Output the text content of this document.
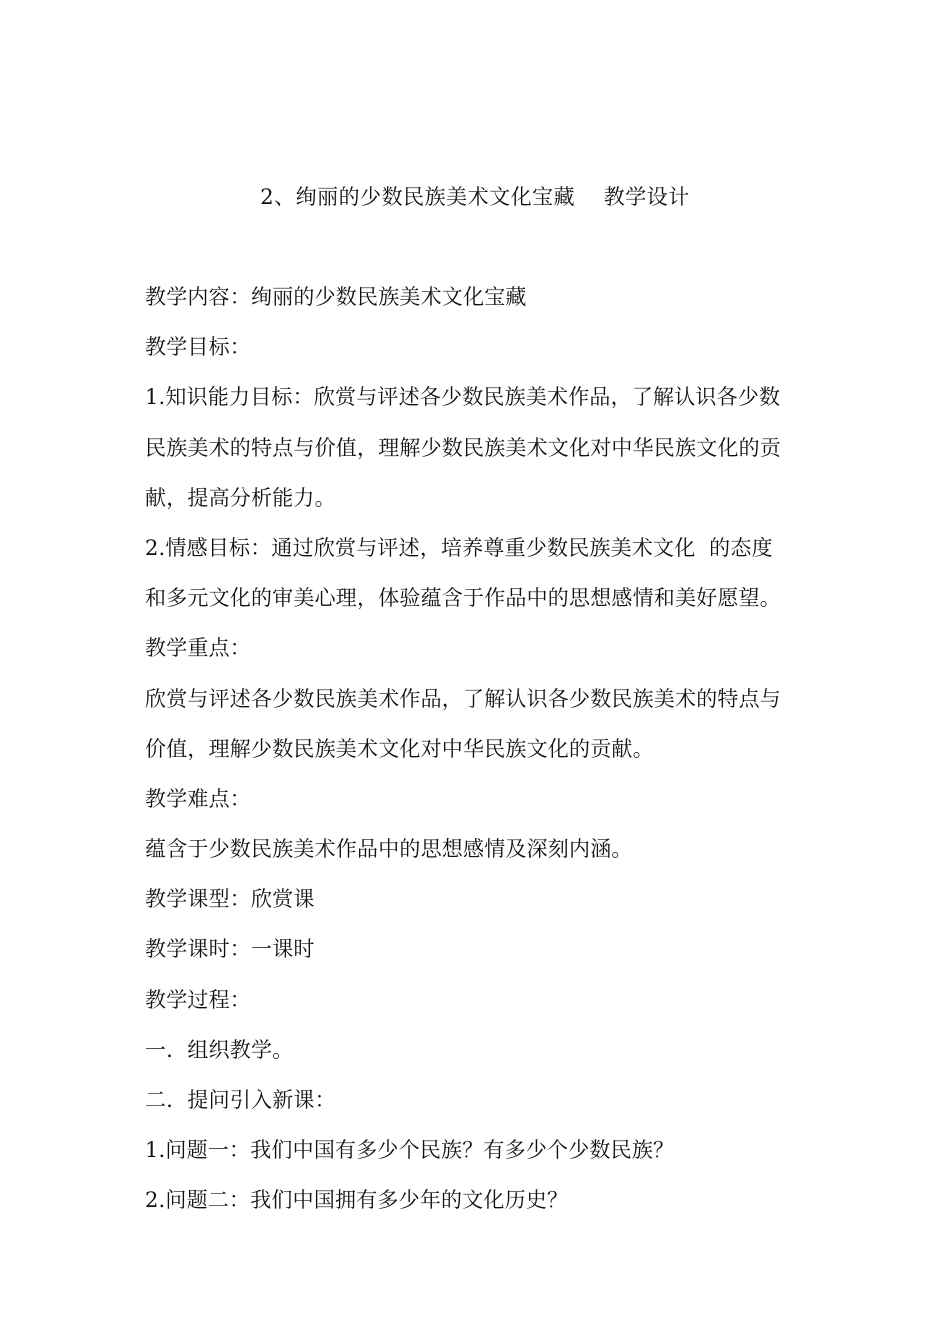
2、绚丽的少数民族美术文化宝藏    教学设计
教学内容：绚丽的少数民族美术文化宝藏
教学目标：
1.知识能力目标：欣赏与评述各少数民族美术作品，了解认识各少数
民族美术的特点与价值，理解少数民族美术文化对中华民族文化的贡
献，提高分析能力。
2.情感目标：通过欣赏与评述，培养尊重少数民族美术文化  的态度
和多元文化的审美心理，体验蕴含于作品中的思想感情和美好愿望。
教学重点：
欣赏与评述各少数民族美术作品，了解认识各少数民族美术的特点与
价值，理解少数民族美术文化对中华民族文化的贡献。
教学难点：
蕴含于少数民族美术作品中的思想感情及深刻内涵。
教学课型：欣赏课
教学课时：一课时
教学过程：
一．组织教学。
二．提问引入新课：
1.问题一：我们中国有多少个民族？有多少个少数民族？
2.问题二：我们中国拥有多少年的文化历史？
